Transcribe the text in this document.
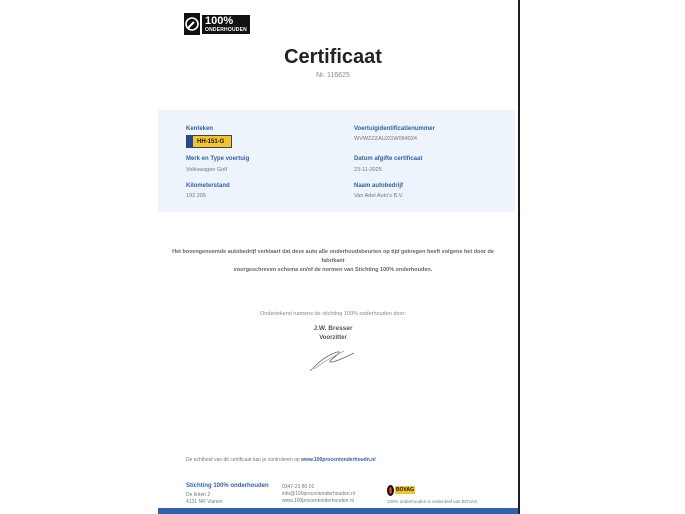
100%
ONDERHOUDEN
Certificaat
Nr. 116625
Kenteken
HH-151-G
Voertuigidentificatienummer
WVWZZZAUZGW094924
Merk en Type voertuig
Volkswagen Golf
Datum afgifte certificaat
23-11-2025
Kilometerstand
192.205
Naam autobedrijf
Van Adel Auto's B.V.
Het bovengenoemde autobedrijf verklaart dat deze auto alle onderhoudsbeurten op tijd gekregen heeft volgens het door de fabrikant
voorgeschreven schema en/of de normen van Stichting 100% onderhouden.
Ondertekend namens de stichting 100% onderhouden door:
J.W. Bresser
Voorzitter
De echtheid van dit certificaat kan je controleren op www.100procentonderhoudn.nl
Stichting 100% onderhouden
De Iinten 2
4131 NR Vianen
0347-23 80 01
info@100procentonderhouden.nl
www.100procentonderhouden.nl
BOVAG
100% onderhouden is onderdeel van BOVAG
